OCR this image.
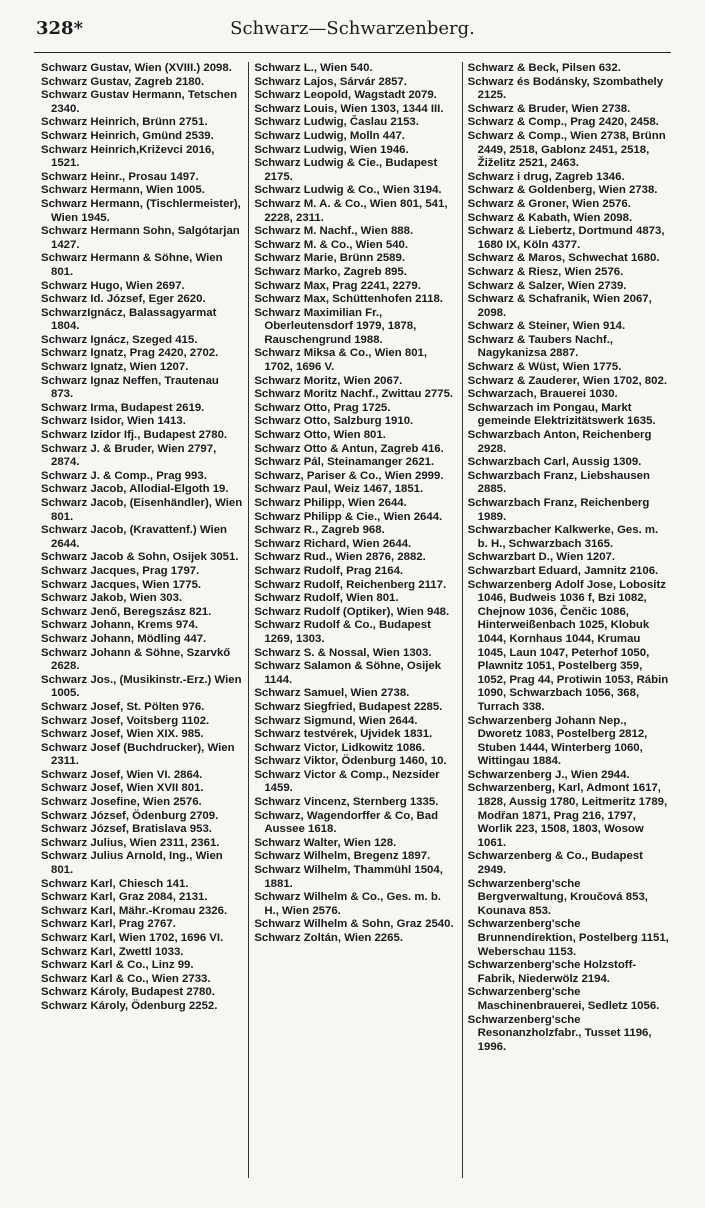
328*	Schwarz—Schwarzenberg.

Schwarz Gustav, Wien (XVIII.) 2098.

Schwarz Gustav, Zagreb 2180.

Schwarz Gustav Hermann, Tetschen 2340.

Schwarz Heinrich, Brünn 2751.

Schwarz Heinrich, Gmünd 2539.

Schwarz Heinrich,Križevci 2016, 1521.

Schwarz Heinr., Prosau 1497.

Schwarz Hermann, Wien 1005.

Schwarz Hermann, (Tischlermeister), Wien 1945.

Schwarz Hermann Sohn, Salgótarjan 1427.

Schwarz Hermann & Söhne, Wien 801.

Schwarz Hugo, Wien 2697.

Schwarz Id. József, Eger 2620.

SchwarzIgnácz, Balassagyarmat 1804.

Schwarz Ignácz, Szeged 415.

Schwarz Ignatz, Prag 2420, 2702.

Schwarz Ignatz, Wien 1207.

Schwarz Ignaz Neffen, Trautenau 873.

Schwarz Irma, Budapest 2619.

Schwarz Isidor, Wien 1413.

Schwarz Izidor Ifj., Budapest 2780.

Schwarz J. & Bruder, Wien 2797, 2874.

Schwarz J. & Comp., Prag 993.

Schwarz Jacob, Allodial-Elgoth 19.

Schwarz Jacob, (Eisenhändler), Wien 801.

Schwarz Jacob, (Kravattenf.) Wien 2644.

Schwarz Jacob & Sohn, Osijek 3051.

Schwarz Jacques, Prag 1797.

Schwarz Jacques, Wien 1775.

Schwarz Jakob, Wien 303.

Schwarz Jenő, Beregszász 821.

Schwarz Johann, Krems 974.

Schwarz Johann, Mödling 447.

Schwarz Johann & Söhne, Szarvkő 2628.

Schwarz Jos., (Musikinstr.-Erz.) Wien 1005.

Schwarz Josef, St. Pölten 976.

Schwarz Josef, Voitsberg 1102.

Schwarz Josef, Wien XIX. 985.

Schwarz Josef (Buchdrucker), Wien 2311.

Schwarz Josef, Wien VI. 2864.

Schwarz Josef, Wien XVII 801.

Schwarz Josefine, Wien 2576.

Schwarz József, Ödenburg 2709.

Schwarz József, Bratislava 953.

Schwarz Julius, Wien 2311, 2361.

Schwarz Julius Arnold, Ing., Wien 801.

Schwarz Karl, Chiesch 141.

Schwarz Karl, Graz 2084, 2131.

Schwarz Karl, Mähr.-Kromau 2326.

Schwarz Karl, Prag 2767.

Schwarz Karl, Wien 1702, 1696 VI.

Schwarz Karl, Zwettl 1033.

Schwarz Karl & Co., Linz 99.

Schwarz Karl & Co., Wien 2733.

Schwarz Károly, Budapest 2780.

Schwarz Károly, Ödenburg 2252.

Schwarz L., Wien 540.

Schwarz Lajos, Sárvár 2857.

Schwarz Leopold, Wagstadt 2079.

Schwarz Louis, Wien 1303, 1344 III.

Schwarz Ludwig, Časlau 2153.

Schwarz Ludwig, Molln 447.

Schwarz Ludwig, Wien 1946.

Schwarz Ludwig & Cie., Budapest 2175.

Schwarz Ludwig & Co., Wien 3194.

Schwarz M. A. & Co., Wien 801, 541, 2228, 2311.

Schwarz M. Nachf., Wien 888.

Schwarz M. & Co., Wien 540.

Schwarz Marie, Brünn 2589.

Schwarz Marko, Zagreb 895.

Schwarz Max, Prag 2241, 2279.

Schwarz Max, Schüttenhofen 2118.

Schwarz Maximilian Fr., Oberleutensdorf 1979, 1878, Rauschengrund 1988.

Schwarz Miksa & Co., Wien 801, 1702, 1696 V.

Schwarz Moritz, Wien 2067.

Schwarz Moritz Nachf., Zwittau 2775.

Schwarz Otto, Prag 1725.

Schwarz Otto, Salzburg 1910.

Schwarz Otto, Wien 801.

Schwarz Otto & Antun, Zagreb 416.

Schwarz Pál, Steinamanger 2621.

Schwarz, Pariser & Co., Wien 2999.

Schwarz Paul, Weiz 1467, 1851.

Schwarz Philipp, Wien 2644.

Schwarz Philipp & Cie., Wien 2644.

Schwarz R., Zagreb 968.

Schwarz Richard, Wien 2644.

Schwarz Rud., Wien 2876, 2882.

Schwarz Rudolf, Prag 2164.

Schwarz Rudolf, Reichenberg 2117.

Schwarz Rudolf, Wien 801.

Schwarz Rudolf (Optiker), Wien 948.

Schwarz Rudolf & Co., Budapest 1269, 1303.

Schwarz S. & Nossal, Wien 1303.

Schwarz Salamon & Söhne, Osijek 1144.

Schwarz Samuel, Wien 2738.

Schwarz Siegfried, Budapest 2285.

Schwarz Sigmund, Wien 2644.

Schwarz testvérek, Ujvidek 1831.

Schwarz Victor, Lidkowitz 1086.

Schwarz Viktor, Ödenburg 1460, 10.

Schwarz Victor & Comp., Nezsider 1459.

Schwarz Vincenz, Sternberg 1335.

Schwarz, Wagendorffer & Co, Bad Aussee 1618.

Schwarz Walter, Wien 128.

Schwarz Wilhelm, Bregenz 1897.

Schwarz Wilhelm, Thammühl 1504, 1881.

Schwarz Wilhelm & Co., Ges. m. b. H., Wien 2576.

Schwarz Wilhelm & Sohn, Graz 2540.

Schwarz Zoltán, Wien 2265.

Schwarz & Beck, Pilsen 632.

Schwarz és Bodánsky, Szombathely 2125.

Schwarz & Bruder, Wien 2738.

Schwarz & Comp., Prag 2420, 2458.

Schwarz & Comp., Wien 2738, Brünn 2449, 2518, Gablonz 2451, 2518, Žiželitz 2521, 2463.

Schwarz i drug, Zagreb 1346.

Schwarz & Goldenberg, Wien 2738.

Schwarz & Groner, Wien 2576.

Schwarz & Kabath, Wien 2098.

Schwarz & Liebertz, Dortmund 4873, 1680 IX, Köln 4377.

Schwarz & Maros, Schwechat 1680.

Schwarz & Riesz, Wien 2576.

Schwarz & Salzer, Wien 2739.

Schwarz & Schafranik, Wien 2067, 2098.

Schwarz & Steiner, Wien 914.

Schwarz & Taubers Nachf., Nagykanizsa 2887.

Schwarz & Wüst, Wien 1775.

Schwarz & Zauderer, Wien 1702, 802.

Schwarzach, Brauerei 1030.

Schwarzach im Pongau, Markt gemeinde Elektrizitätswerk 1635.

Schwarzbach Anton, Reichenberg 2928.

Schwarzbach Carl, Aussig 1309.

Schwarzbach Franz, Liebshausen 2885.

Schwarzbach Franz, Reichenberg 1989.

Schwarzbacher Kalkwerke, Ges. m. b. H., Schwarzbach 3165.

Schwarzbart D., Wien 1207.

Schwarzbart Eduard, Jamnitz 2106.

Schwarzenberg Adolf Jose, Lobositz 1046, Budweis 1036 f, Bzi 1082, Chejnow 1036, Čenčic 1086, Hinterweißenbach 1025, Klobuk 1044, Kornhaus 1044, Krumau 1045, Laun 1047, Peterhof 1050, Plawnitz 1051, Postelberg 359, 1052, Prag 44, Protiwin 1053, Rábin 1090, Schwarzbach 1056, 368, Turrach 338.

Schwarzenberg Johann Nep., Dworetz 1083, Postelberg 2812, Stuben 1444, Winterberg 1060, Wittingau 1884.

Schwarzenberg J., Wien 2944.

Schwarzenberg, Karl, Admont 1617, 1828, Aussig 1780, Leitmeritz 1789, Modřan 1871, Prag 216, 1797, Worlik 223, 1508, 1803, Wosow 1061.

Schwarzenberg & Co., Budapest 2949.

Schwarzenberg'sche Bergverwaltung, Kroučová 853, Kounava 853.

Schwarzenberg'sche Brunnendirektion, Postelberg 1151, Weberschau 1153.

Schwarzenberg'sche Holzstoff-Fabrik, Niederwölz 2194.

Schwarzenberg'sche Maschinenbrauerei, Sedletz 1056.

Schwarzenberg'sche Resonanzholzfabr., Tusset 1196, 1996.
